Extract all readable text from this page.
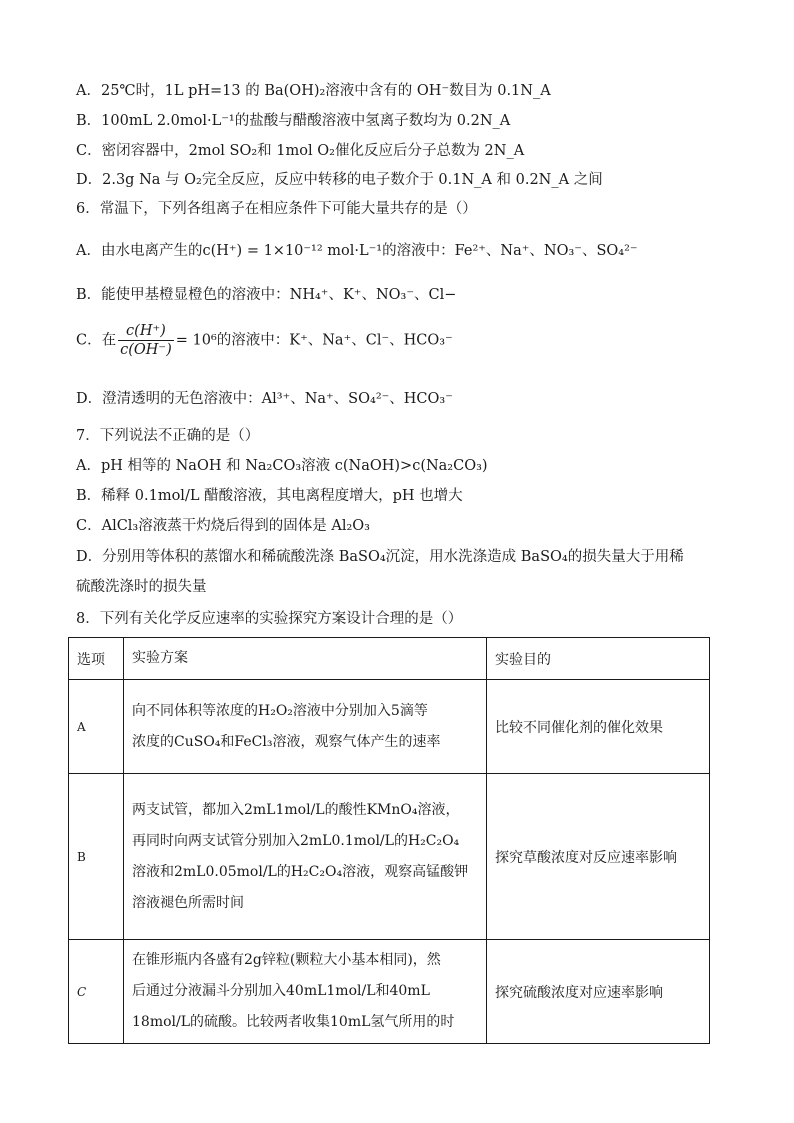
A．25℃时，1L pH=13 的 Ba(OH)₂溶液中含有的 OH⁻数目为 0.1N_A
B．100mL 2.0mol·L⁻¹的盐酸与醋酸溶液中氢离子数均为 0.2N_A
C．密闭容器中，2mol SO₂和 1mol O₂催化反应后分子总数为 2N_A
D．2.3g Na 与 O₂完全反应，反应中转移的电子数介于 0.1N_A 和 0.2N_A 之间
6．常温下，下列各组离子在相应条件下可能大量共存的是（）
A．由水电离产生的c(H⁺) = 1×10⁻¹² mol·L⁻¹的溶液中：Fe²⁺、Na⁺、NO₃⁻、SO₄²⁻
B．能使甲基橙显橙色的溶液中：NH₄⁺、K⁺、NO₃⁻、Cl−
C．在 $\frac{c(H^+)}{c(OH^-)} = 10^6$的溶液中：K⁺、Na⁺、Cl⁻、HCO₃⁻
D．澄清透明的无色溶液中：Al³⁺、Na⁺、SO₄²⁻、HCO₃⁻
7．下列说法不正确的是（）
A．pH 相等的 NaOH 和 Na₂CO₃溶液 c(NaOH)>c(Na₂CO₃)
B．稀释 0.1mol/L 醋酸溶液，其电离程度增大，pH 也增大
C．AlCl₃溶液蒸干灼烧后得到的固体是 Al₂O₃
D．分别用等体积的蒸馏水和稀硫酸洗涤 BaSO₄沉淀，用水洗涤造成 BaSO₄的损失量大于用稀
硫酸洗涤时的损失量
8．下列有关化学反应速率的实验探究方案设计合理的是（）
选项	实验方案	实验目的
A	向不同体积等浓度的H₂O₂溶液中分别加入5滴等
浓度的CuSO₄和FeCl₃溶液，观察气体产生的速率	比较不同催化剂的催化效果
B	两支试管，都加入2mL1mol/L的酸性KMnO₄溶液，
再同时向两支试管分别加入2mL0.1mol/L的H₂C₂O₄
溶液和2mL0.05mol/L的H₂C₂O₄溶液，观察高锰酸钾
溶液褪色所需时间	探究草酸浓度对反应速率影响
C	在锥形瓶内各盛有2g锌粒(颗粒大小基本相同)，然
后通过分液漏斗分别加入40mL1mol/L和40mL
18mol/L的硫酸。比较两者收集10mL氢气所用的时	探究硫酸浓度对应速率影响
